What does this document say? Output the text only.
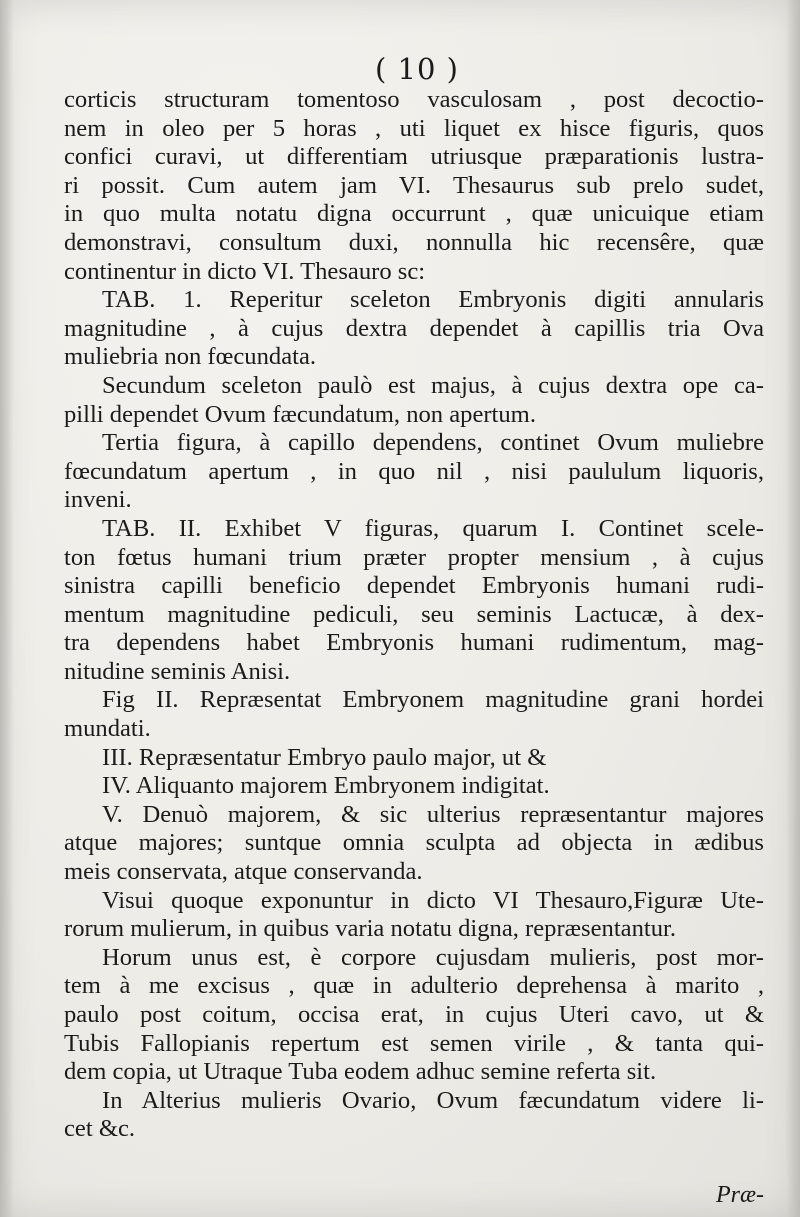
( 10 )
corticis structuram tomentoso vasculosam , post decoctio-
nem in oleo per 5 horas , uti liquet ex hisce figuris, quos
confici curavi, ut differentiam utriusque præparationis lustra-
ri possit. Cum autem jam VI. Thesaurus sub prelo sudet,
in quo multa notatu digna occurrunt , quæ unicuique etiam
demonstravi, consultum duxi, nonnulla hic recensêre, quæ
continentur in dicto VI. Thesauro sc:
TAB. 1. Reperitur sceleton Embryonis digiti annularis
magnitudine , à cujus dextra dependet à capillis tria Ova
muliebria non fœcundata.
Secundum sceleton paulò est majus, à cujus dextra ope ca-
pilli dependet Ovum fæcundatum, non apertum.
Tertia figura, à capillo dependens, continet Ovum muliebre
fœcundatum apertum , in quo nil , nisi paululum liquoris,
inveni.
TAB. II. Exhibet V figuras, quarum I. Continet scele-
ton fœtus humani trium præter propter mensium , à cujus
sinistra capilli beneficio dependet Embryonis humani rudi-
mentum magnitudine pediculi, seu seminis Lactucæ, à dex-
tra dependens habet Embryonis humani rudimentum, mag-
nitudine seminis Anisi.
Fig II. Repræsentat Embryonem magnitudine grani hordei
mundati.
III. Repræsentatur Embryo paulo major, ut &
IV. Aliquanto majorem Embryonem indigitat.
V. Denuò majorem, & sic ulterius repræsentantur majores
atque majores; suntque omnia sculpta ad objecta in ædibus
meis conservata, atque conservanda.
Visui quoque exponuntur in dicto VI Thesauro,Figuræ Ute-
rorum mulierum, in quibus varia notatu digna, repræsentantur.
Horum unus est, è corpore cujusdam mulieris, post mor-
tem à me excisus , quæ in adulterio deprehensa à marito ,
paulo post coitum, occisa erat, in cujus Uteri cavo, ut &
Tubis Fallopianis repertum est semen virile , & tanta qui-
dem copia, ut Utraque Tuba eodem adhuc semine referta sit.
In Alterius mulieris Ovario, Ovum fæcundatum videre li-
cet &c.
Præ-
